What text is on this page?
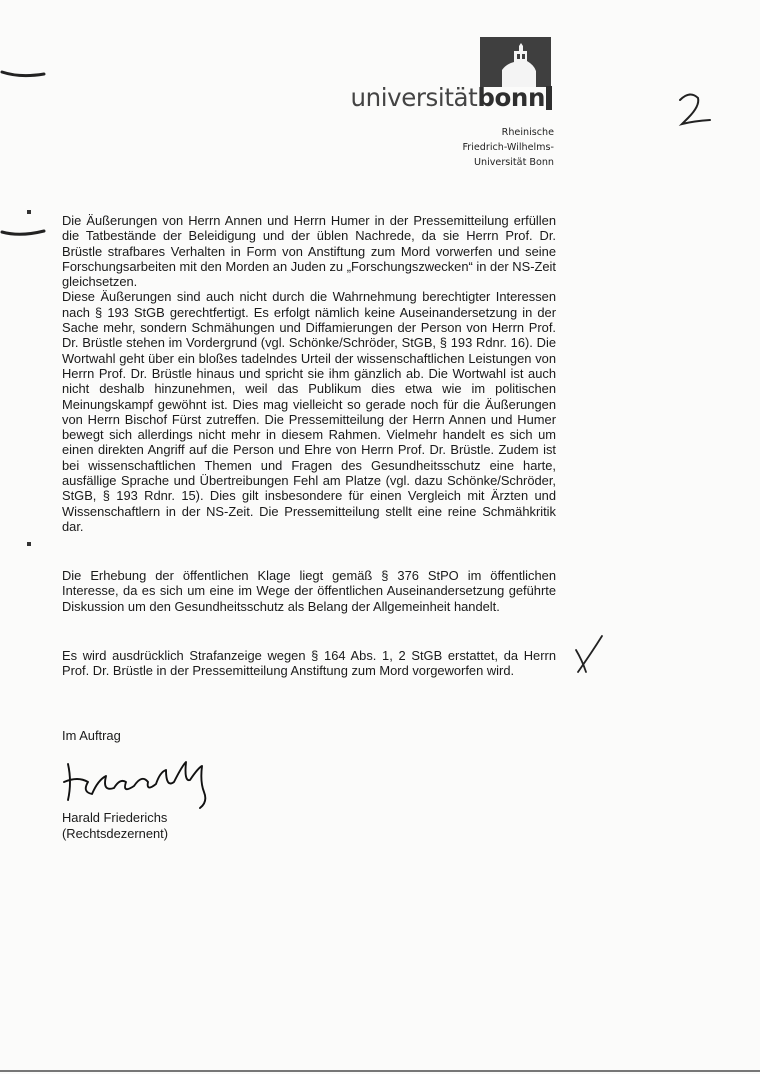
universitätbonn
Rheinische
Friedrich-Wilhelms-
Universität Bonn

Die Äußerungen von Herrn Annen und Herrn Humer in der Pressemitteilung erfüllen die Tatbestände der Beleidigung und der üblen Nachrede, da sie Herrn Prof. Dr. Brüstle strafbares Verhalten in Form von Anstiftung zum Mord vorwerfen und seine Forschungsarbeiten mit den Morden an Juden zu „Forschungszwecken“ in der NS-Zeit gleichsetzen.

Diese Äußerungen sind auch nicht durch die Wahrnehmung berechtigter Interessen nach § 193 StGB gerechtfertigt. Es erfolgt nämlich keine Auseinandersetzung in der Sache mehr, sondern Schmähungen und Diffamierungen der Person von Herrn Prof. Dr. Brüstle stehen im Vordergrund (vgl. Schönke/Schröder, StGB, § 193 Rdnr. 16). Die Wortwahl geht über ein bloßes tadelndes Urteil der wissenschaftlichen Leistungen von Herrn Prof. Dr. Brüstle hinaus und spricht sie ihm gänzlich ab. Die Wortwahl ist auch nicht deshalb hinzunehmen, weil das Publikum dies etwa wie im politischen Meinungskampf gewöhnt ist. Dies mag vielleicht so gerade noch für die Äußerungen von Herrn Bischof Fürst zutreffen. Die Pressemitteilung der Herrn Annen und Humer bewegt sich allerdings nicht mehr in diesem Rahmen. Vielmehr handelt es sich um einen direkten Angriff auf die Person und Ehre von Herrn Prof. Dr. Brüstle. Zudem ist bei wissenschaftlichen Themen und Fragen des Gesundheitsschutz eine harte, ausfällige Sprache und Übertreibungen Fehl am Platze (vgl. dazu Schönke/Schröder, StGB, § 193 Rdnr. 15). Dies gilt insbesondere für einen Vergleich mit Ärzten und Wissenschaftlern in der NS-Zeit. Die Pressemitteilung stellt eine reine Schmähkritik dar.

Die Erhebung der öffentlichen Klage liegt gemäß § 376 StPO im öffentlichen Interesse, da es sich um eine im Wege der öffentlichen Auseinandersetzung geführte Diskussion um den Gesundheitsschutz als Belang der Allgemeinheit handelt.

Es wird ausdrücklich Strafanzeige wegen § 164 Abs. 1, 2 StGB erstattet, da Herrn Prof. Dr. Brüstle in der Pressemitteilung Anstiftung zum Mord vorgeworfen wird.

Im Auftrag
Harald Friederichs
(Rechtsdezernent)
